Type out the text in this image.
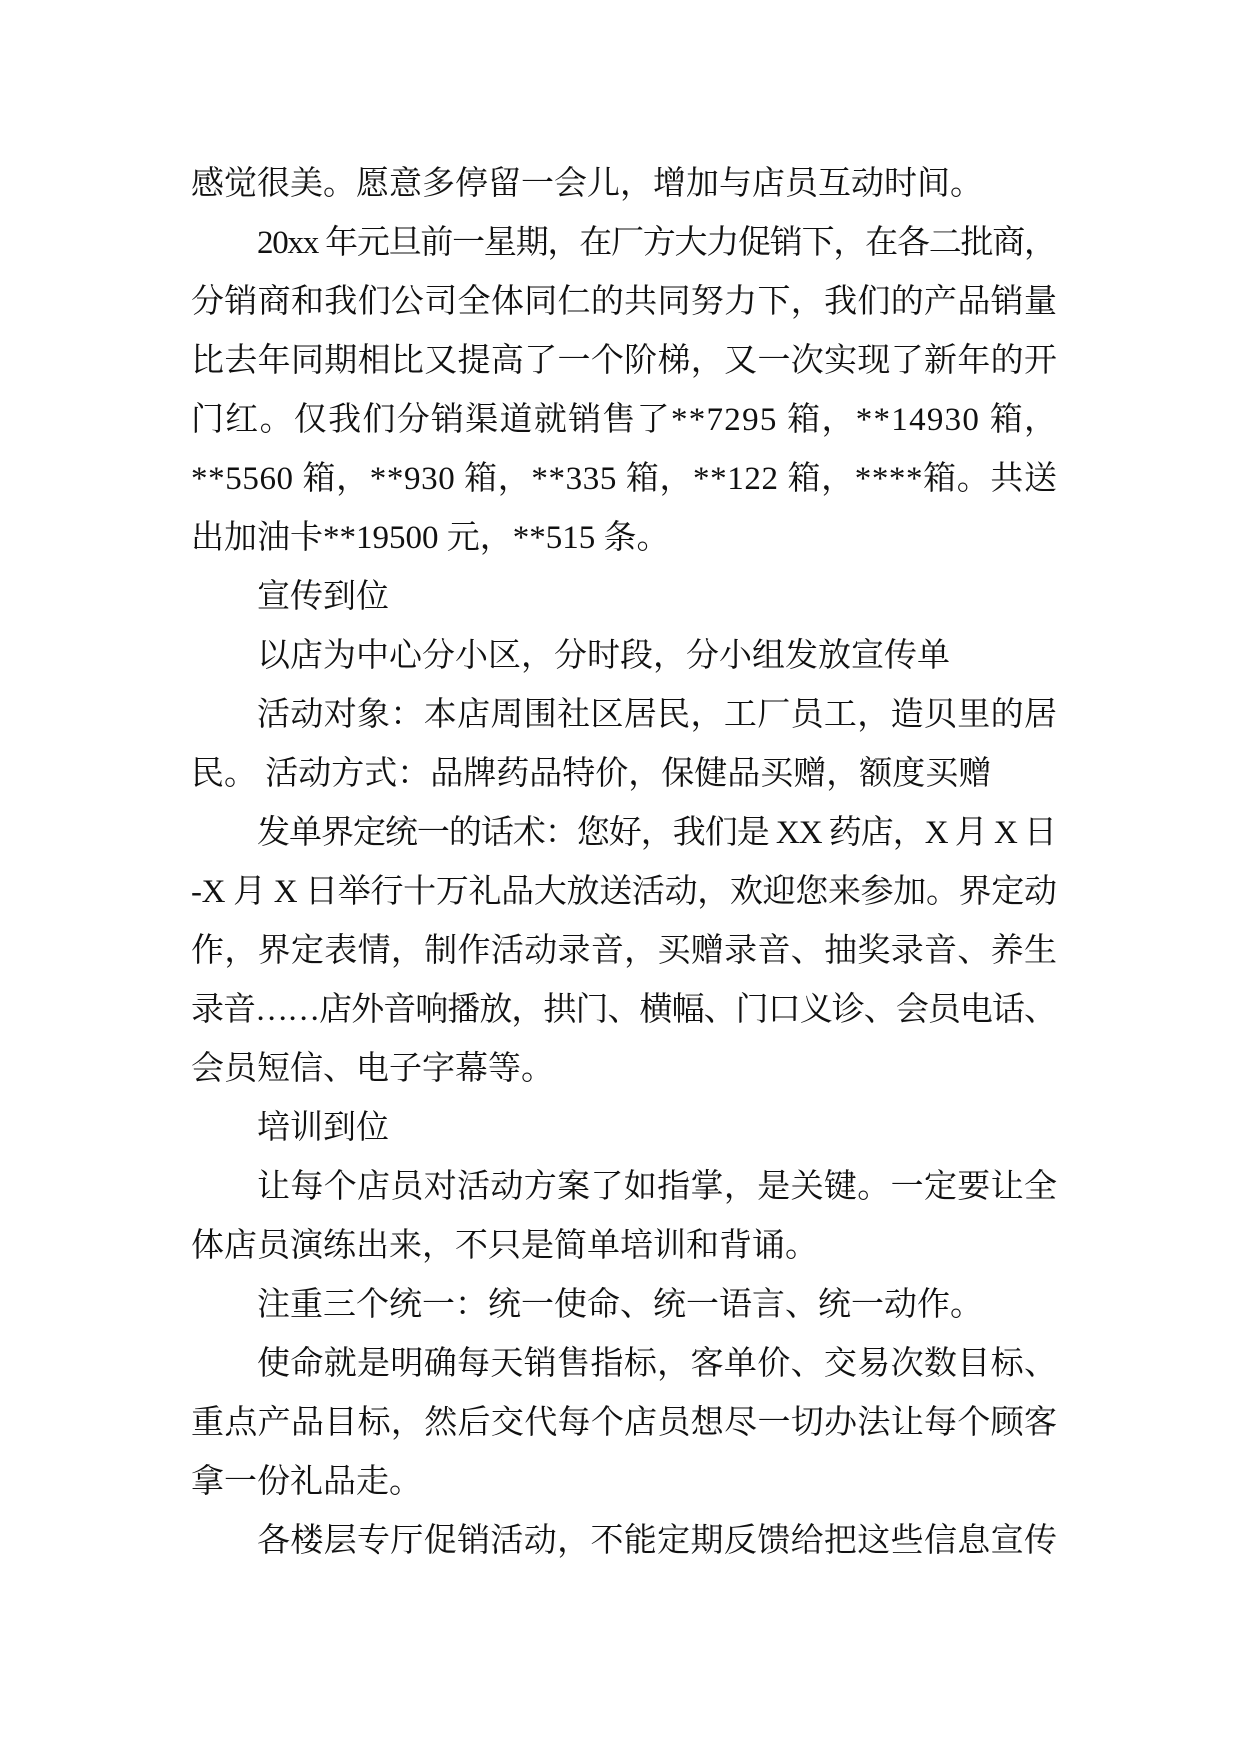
感觉很美。愿意多停留一会儿，增加与店员互动时间。
20xx 年元旦前一星期，在厂方大力促销下，在各二批商，
分销商和我们公司全体同仁的共同努力下，我们的产品销量
比去年同期相比又提高了一个阶梯，又一次实现了新年的开
门红。仅我们分销渠道就销售了**7295 箱，**14930 箱，
**5560 箱，**930 箱，**335 箱，**122 箱，****箱。共送
出加油卡**19500 元，**515 条。
宣传到位
以店为中心分小区，分时段，分小组发放宣传单
活动对象：本店周围社区居民，工厂员工，造贝里的居
民。 活动方式：品牌药品特价，保健品买赠，额度买赠
发单界定统一的话术：您好，我们是 XX 药店，X 月 X 日
-X 月 X 日举行十万礼品大放送活动，欢迎您来参加。界定动
作，界定表情，制作活动录音，买赠录音、抽奖录音、养生
录音……店外音响播放，拱门、横幅、门口义诊、会员电话、
会员短信、电子字幕等。
培训到位
让每个店员对活动方案了如指掌，是关键。一定要让全
体店员演练出来，不只是简单培训和背诵。
注重三个统一：统一使命、统一语言、统一动作。
使命就是明确每天销售指标，客单价、交易次数目标、
重点产品目标，然后交代每个店员想尽一切办法让每个顾客
拿一份礼品走。
各楼层专厅促销活动，不能定期反馈给把这些信息宣传
